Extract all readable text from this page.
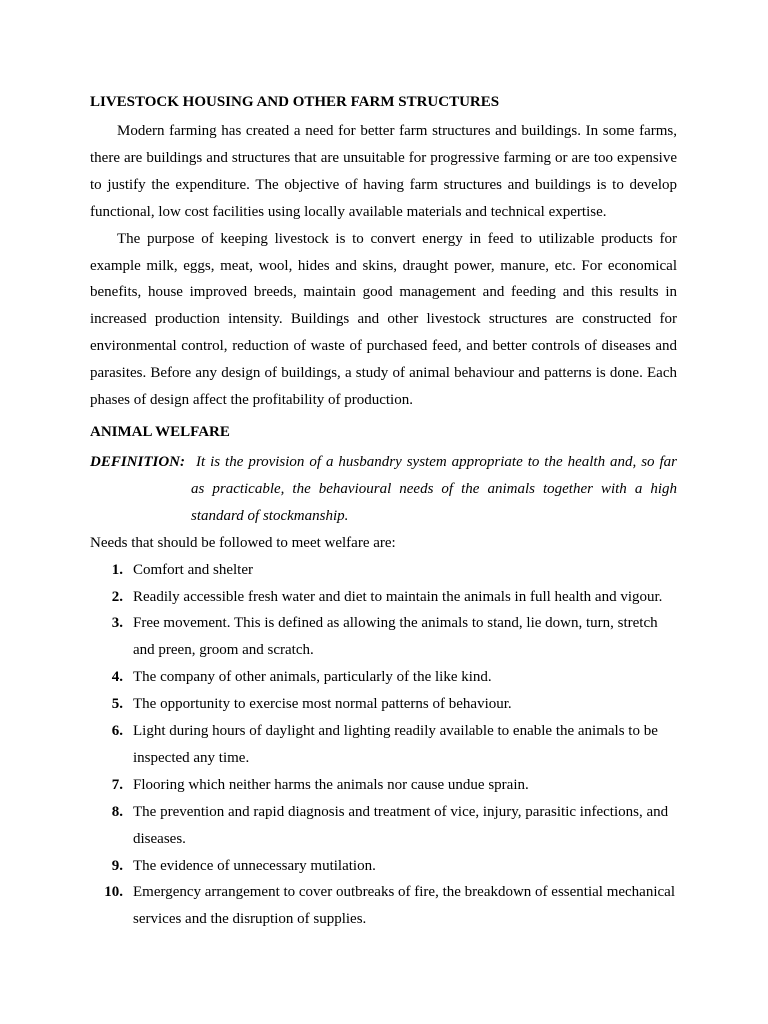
LIVESTOCK HOUSING AND OTHER FARM STRUCTURES

Modern farming has created a need for better farm structures and buildings. In some farms, there are buildings and structures that are unsuitable for progressive farming or are too expensive to justify the expenditure. The objective of having farm structures and buildings is to develop functional, low cost facilities using locally available materials and technical expertise.

The purpose of keeping livestock is to convert energy in feed to utilizable products for example milk, eggs, meat, wool, hides and skins, draught power, manure, etc. For economical benefits, house improved breeds, maintain good management and feeding and this results in increased production intensity. Buildings and other livestock structures are constructed for environmental control, reduction of waste of purchased feed, and better controls of diseases and parasites. Before any design of buildings, a study of animal behaviour and patterns is done. Each phases of design affect the profitability of production.

ANIMAL WELFARE
DEFINITION: It is the provision of a husbandry system appropriate to the health and, so far as practicable, the behavioural needs of the animals together with a high standard of stockmanship.
Needs that should be followed to meet welfare are:
1. Comfort and shelter
2. Readily accessible fresh water and diet to maintain the animals in full health and vigour.
3. Free movement. This is defined as allowing the animals to stand, lie down, turn, stretch and preen, groom and scratch.
4. The company of other animals, particularly of the like kind.
5. The opportunity to exercise most normal patterns of behaviour.
6. Light during hours of daylight and lighting readily available to enable the animals to be inspected any time.
7. Flooring which neither harms the animals nor cause undue sprain.
8. The prevention and rapid diagnosis and treatment of vice, injury, parasitic infections, and diseases.
9. The evidence of unnecessary mutilation.
10. Emergency arrangement to cover outbreaks of fire, the breakdown of essential mechanical services and the disruption of supplies.
